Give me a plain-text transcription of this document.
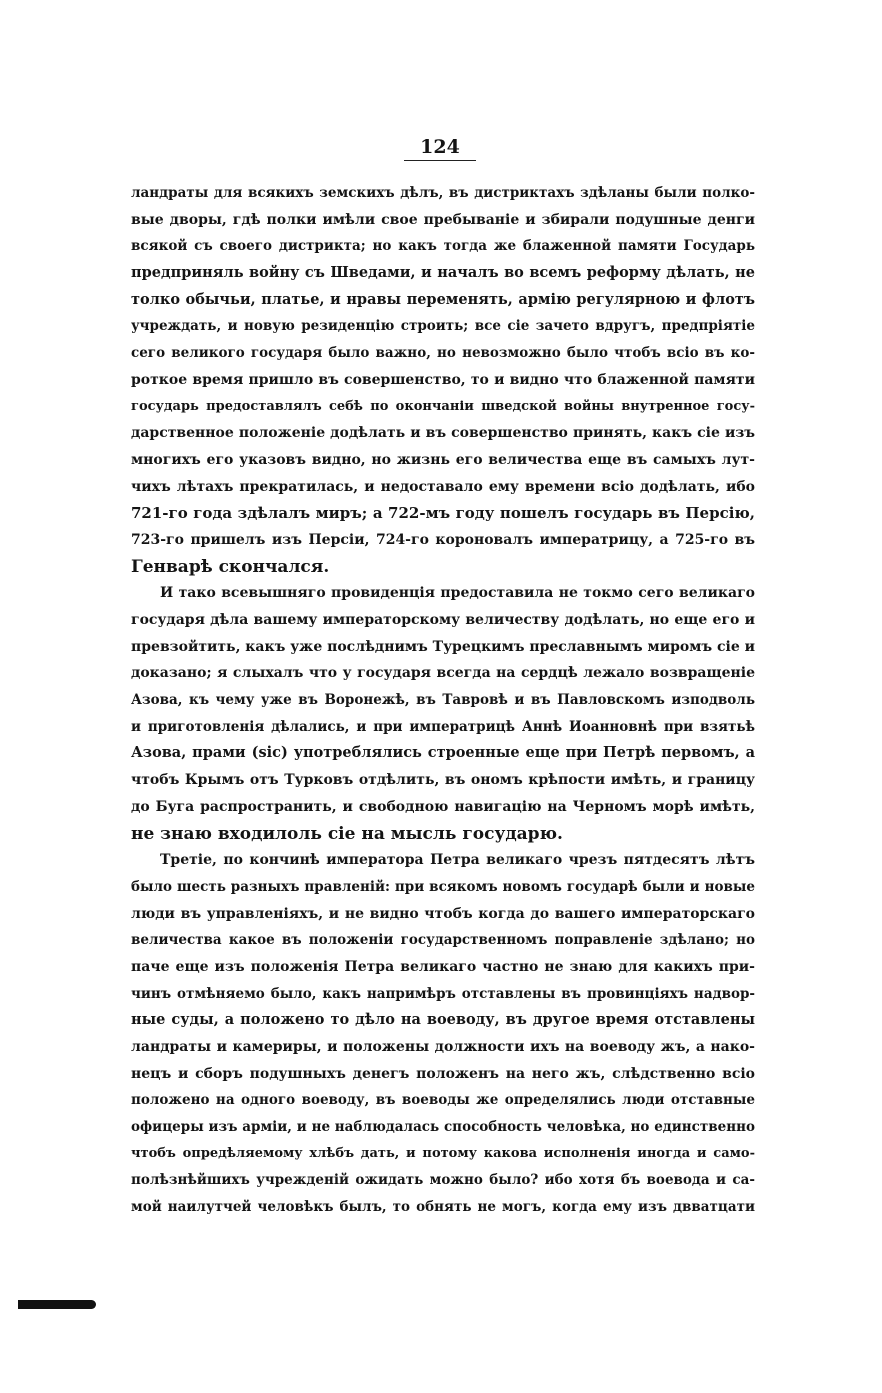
124
ландраты для всякихъ земскихъ дѣлъ, въ дистриктахъ здѣланы были полко-
вые дворы, гдѣ полки имѣли свое пребываніе и збирали подушные денги
всякой съ своего дистрикта; но какъ тогда же блаженной памяти Государь
предприняль войну съ Шведами, и началъ во всемъ реформу дѣлать, не
толко обычьи, платье, и нравы переменять, армію регулярною и флотъ
учреждать, и новую резиденцію строить; все сіе зачето вдругъ, предпріятіе
сего великого государя было важно, но невозможно было чтобъ всіо въ ко-
роткое время пришло въ совершенство, то и видно что блаженной памяти
государь предоставлялъ себѣ по окончаніи шведской войны внутренное госу-
дарственное положеніе додѣлать и въ совершенство принять, какъ сіе изъ
многихъ его указовъ видно, но жизнь его величества еще въ самыхъ лут-
чихъ лѣтахъ прекратилась, и недоставало ему времени всіо додѣлать, ибо
721-го года здѣлалъ миръ; а 722-мъ году пошелъ государь въ Персію,
723-го пришелъ изъ Персіи, 724-го короновалъ императрицу, а 725-го въ
Генварѣ скончался.
И тако всевышняго провиденція предоставила не токмо сего великаго
государя дѣла вашему императорскому величеству додѣлать, но еще его и
превзойтить, какъ уже послѣднимъ Турецкимъ преславнымъ миромъ сіе и
доказано; я слыхалъ что у государя всегда на сердцѣ лежало возвращеніе
Азова, къ чему уже въ Воронежѣ, въ Тавровѣ и въ Павловскомъ изподволь
и приготовленія дѣлались, и при императрицѣ Аннѣ Иоанновнѣ при взятьѣ
Азова, прами (sic) употреблялись строенные еще при Петрѣ первомъ, а
чтобъ Крымъ отъ Турковъ отдѣлить, въ ономъ крѣпости имѣть, и границу
до Буга распространить, и свободною навигацію на Черномъ морѣ имѣть,
не знаю входилоль сіе на мысль государю.
Третіе, по кончинѣ императора Петра великаго чрезъ пятдесятъ лѣтъ
было шесть разныхъ правленій: при всякомъ новомъ государѣ были и новые
люди въ управленіяхъ, и не видно чтобъ когда до вашего императорскаго
величества какое въ положеніи государственномъ поправленіе здѣлано; но
паче еще изъ положенія Петра великаго частно не знаю для какихъ при-
чинъ отмѣняемо было, какъ напримѣръ отставлены въ провинціяхъ надвор-
ные суды, а положено то дѣло на воеводу, въ другое время отставлены
ландраты и камериры, и положены должности ихъ на воеводу жъ, а нако-
нецъ и сборъ подушныхъ денегъ положенъ на него жъ, слѣдственно всіо
положено на одного воеводу, въ воеводы же определялись люди отставные
офицеры изъ арміи, и не наблюдалась способность человѣка, но единственно
чтобъ опредѣляемому хлѣбъ дать, и потому какова исполненія иногда и само-
полѣзнѣйшихъ учрежденій ожидать можно было? ибо хотя бъ воевода и са-
мой наилутчей человѣкъ былъ, то обнять не могъ, когда ему изъ двватцати
